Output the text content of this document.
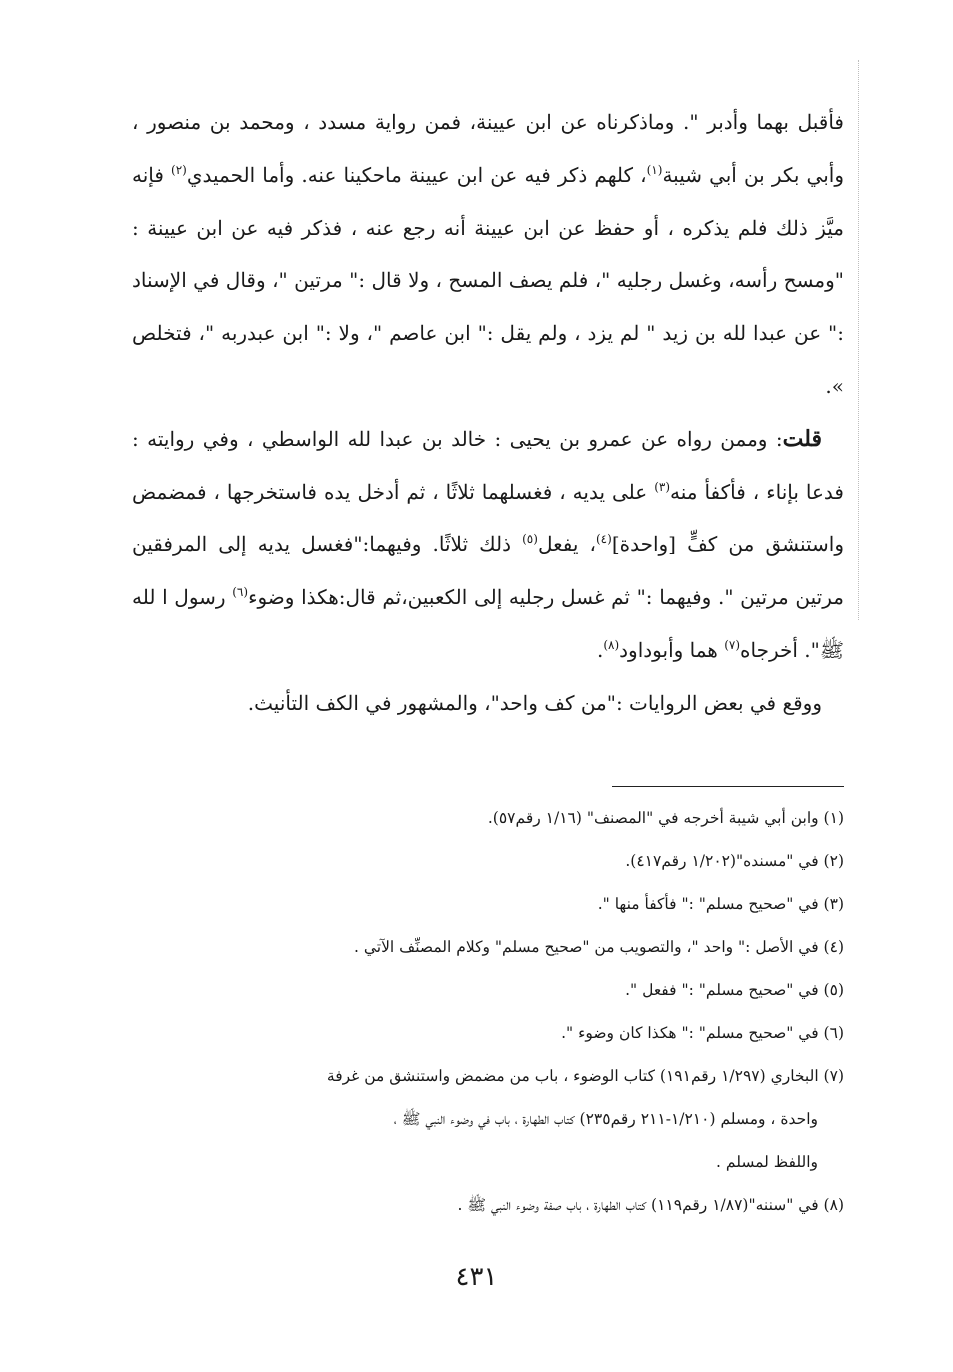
فأقبل بهما وأدبر ". وماذكرناه عن ابن عيينة، فمن رواية مسدد ، ومحمد بن منصور ، وأبي بكر بن أبي شيبة$^{(١)}$، كلهم ذكر فيه عن ابن عيينة ماحكينا عنه. وأما الحميدي$^{(٢)}$ فإنه ميَّز ذلك فلم يذكره ، أو حفظ عن ابن عيينة أنه رجع عنه ، فذكر فيه عن ابن عيينة : "ومسح رأسه، وغسل رجليه "، فلم يصف المسح ، ولا قال :" مرتين "، وقال في الإسناد :" عن عبدا لله بن زيد " لم يزد ، ولم يقل :" ابن عاصم "، ولا :" ابن عبدربه "، فتخلص ».

قلت: وممن رواه عن عمرو بن يحيى : خالد بن عبدا لله الواسطي ، وفي روايته : فدعا بإناء ، فأكفأ منه$^{(٣)}$ على يديه ، فغسلهما ثلاثًا ، ثم أدخل يده فاستخرجها ، فمضمض واستنشق من كفٍّ [واحدة]$^{(٤)}$، يفعل$^{(٥)}$ ذلك ثلاثًا. وفيهما:"فغسل يديه إلى المرفقين مرتين مرتين ". وفيهما :" ثم غسل رجليه إلى الكعبين،ثم قال:هكذا وضوء$^{(٦)}$ رسول ا لله ﷺ". أخرجاه$^{(٧)}$ هما وأبوداود$^{(٨)}$.

ووقع في بعض الروايات :"من كف واحد"، والمشهور في الكف التأنيث.

(١) وابن أبي شيبة أخرجه في "المصنف" (١/١٦ رقم٥٧).

(٢) في "مسنده"(١/٢٠٢ رقم٤١٧).

(٣) في "صحيح مسلم" :" فأكفأ منها ".

(٤) في الأصل :" واحد "، والتصويب من "صحيح مسلم" وكلام المصنِّف الآتي .

(٥) في "صحيح مسلم" :" ففعل ".

(٦) في "صحيح مسلم" :" هكذا كان وضوء ".

(٧) البخاري (١/٢٩٧ رقم١٩١) كتاب الوضوء ، باب من مضمض واستنشق من غرفة

واحدة ، ومسلم (١/٢١٠-٢١١ رقم٢٣٥) كتاب الطهارة ، باب في وضوء النبي ﷺ ،

واللفظ لمسلم .

(٨) في "سننه"(١/٨٧ رقم١١٩) كتاب الطهارة ، باب صفة وضوء النبي ﷺ .

٤٣١
